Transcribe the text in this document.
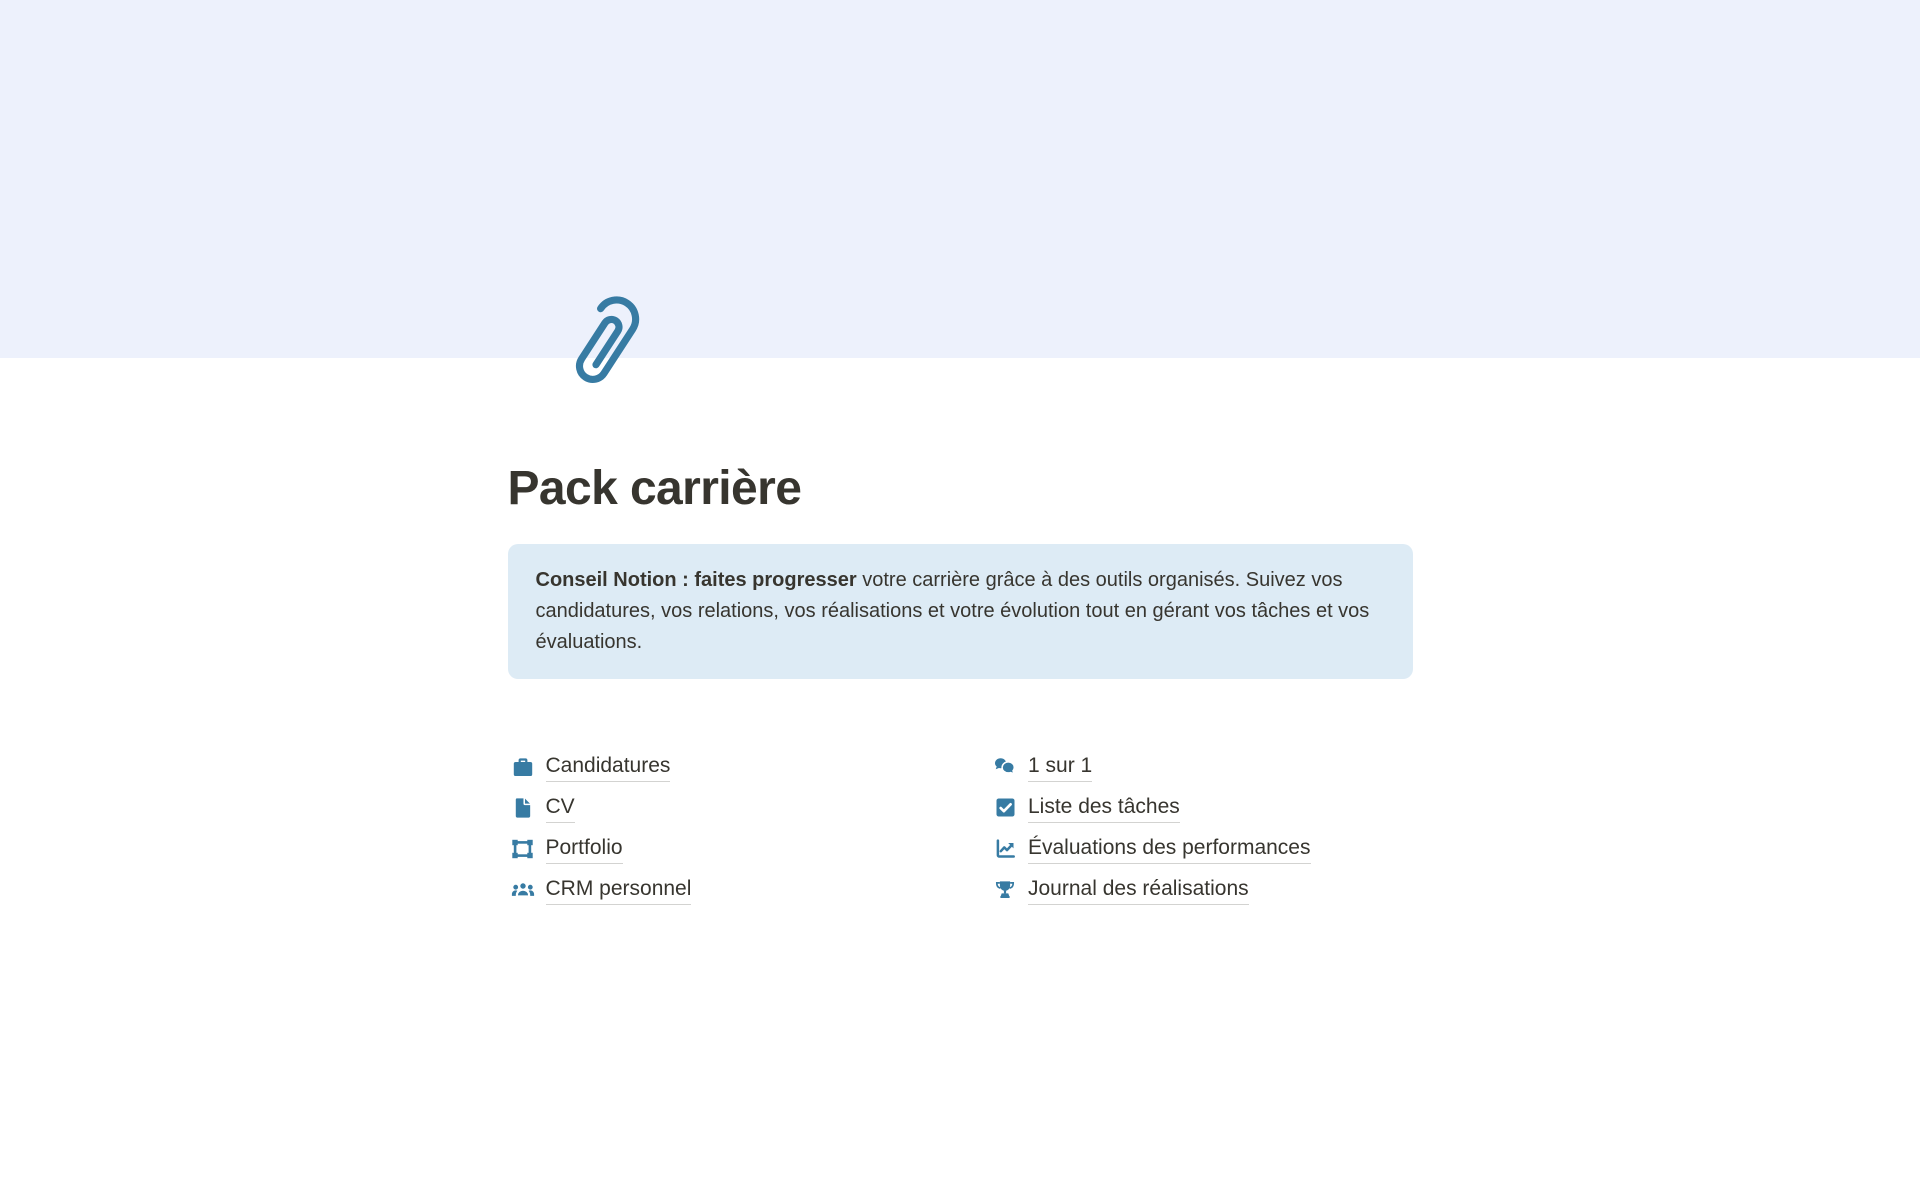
Pack carrière

Conseil Notion : faites progresser votre carrière grâce à des outils organisés. Suivez vos candidatures, vos relations, vos réalisations et votre évolution tout en gérant vos tâches et vos évaluations.

Candidatures
CV
Portfolio
CRM personnel
1 sur 1
Liste des tâches
Évaluations des performances
Journal des réalisations
